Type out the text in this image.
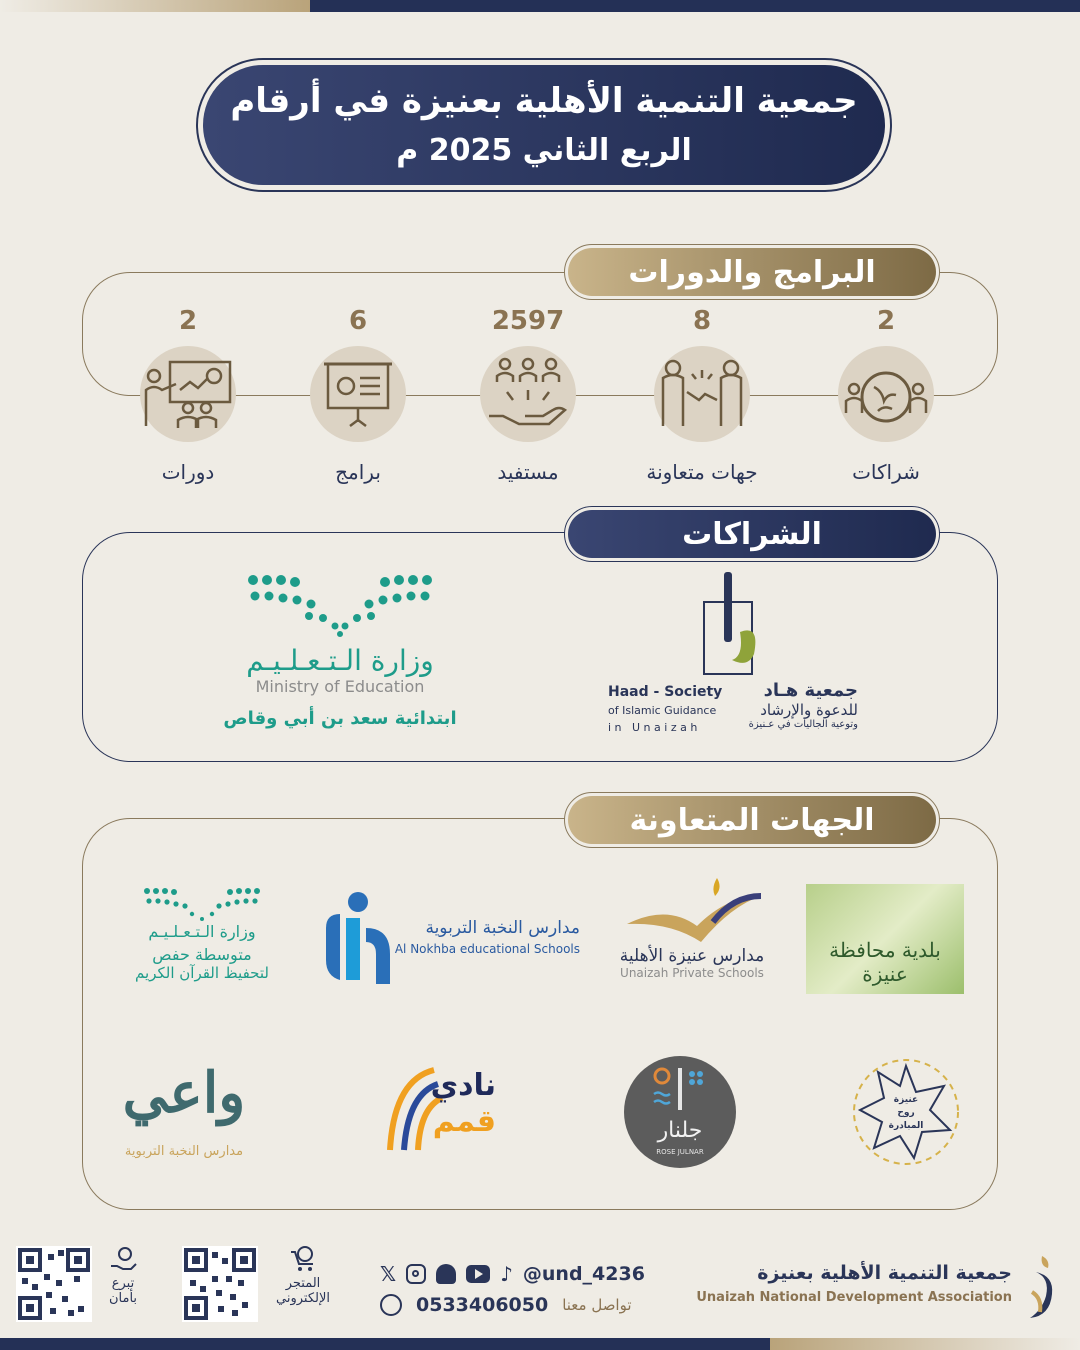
جمعية التنمية الأهلية بعنيزة في أرقام
الربع الثاني 2025 م
البرامج والدورات
2
شراكات
8
جهات متعاونة
2597
مستفيد
6
برامج
2
دورات
الشراكات
جمعية هـاد
للدعوة والإرشاد
وتوعية الجاليات في عـنيزة
Haad - Society
of Islamic Guidance
i n   U n a i z a h
وزارة الـتـعـلـيـم
Ministry of Education
ابتدائية سعد بن أبي وقاص
الجهات المتعاونة
بلدية محافظة عنيزة
مدارس عنيزة الأهلية
Unaizah Private Schools
مدارس النخبة التربوية
Al Nokhba educational Schools
وزارة الـتـعـلـيـم
متوسطة حفص
لتحفيظ القرآن الكريم
عنيزة
روح
المبادرة
جلنار
ROSE JULNAR
نادي
قمم
واعي
مدارس النخبة التربوية
جمعية التنمية الأهلية بعنيزة
Unaizah National Development Association
𝕏	♪ @und_4236
0533406050 تواصل معنا
المتجر
الإلكتروني
تبرع
بأمان
